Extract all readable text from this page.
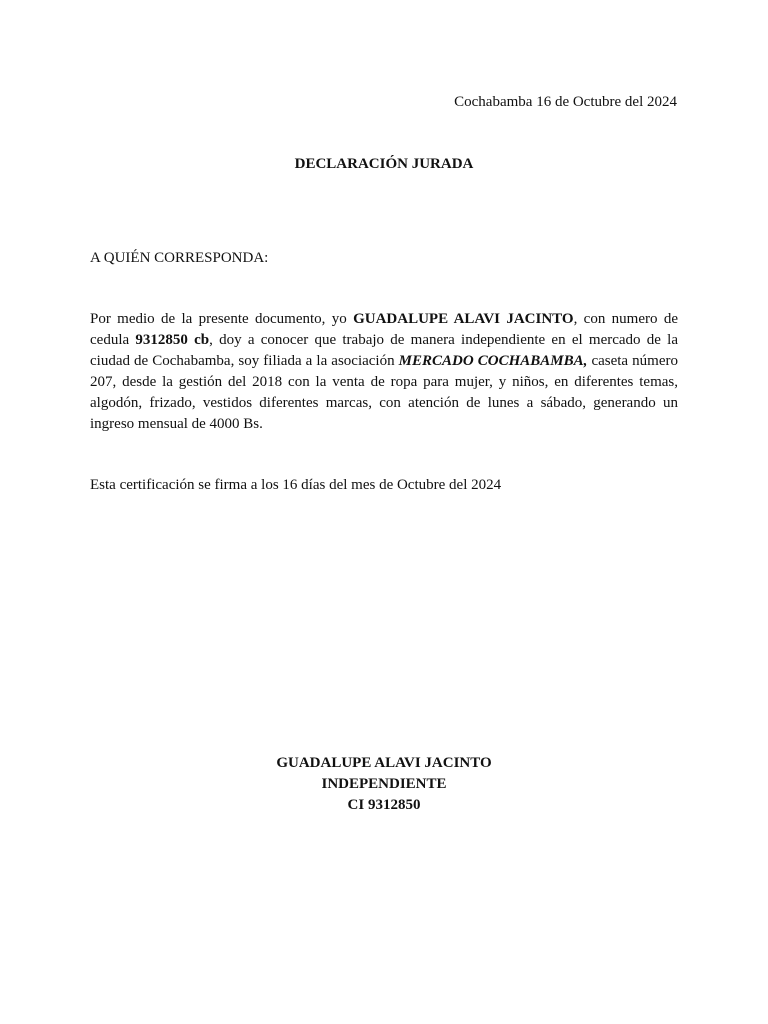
Cochabamba 16 de Octubre del 2024
DECLARACIÓN JURADA
A QUIÉN CORRESPONDA:
Por medio de la presente documento, yo GUADALUPE ALAVI JACINTO, con numero de cedula 9312850 cb, doy a conocer que trabajo de manera independiente en el mercado de la ciudad de Cochabamba, soy filiada a la asociación MERCADO COCHABAMBA, caseta número 207, desde la gestión del 2018 con la venta de ropa para mujer, y niños, en diferentes temas, algodón, frizado, vestidos diferentes marcas, con atención de lunes a sábado, generando un ingreso mensual de 4000 Bs.
Esta certificación se firma a los 16 días del mes de Octubre del 2024
GUADALUPE ALAVI JACINTO
INDEPENDIENTE
CI 9312850
